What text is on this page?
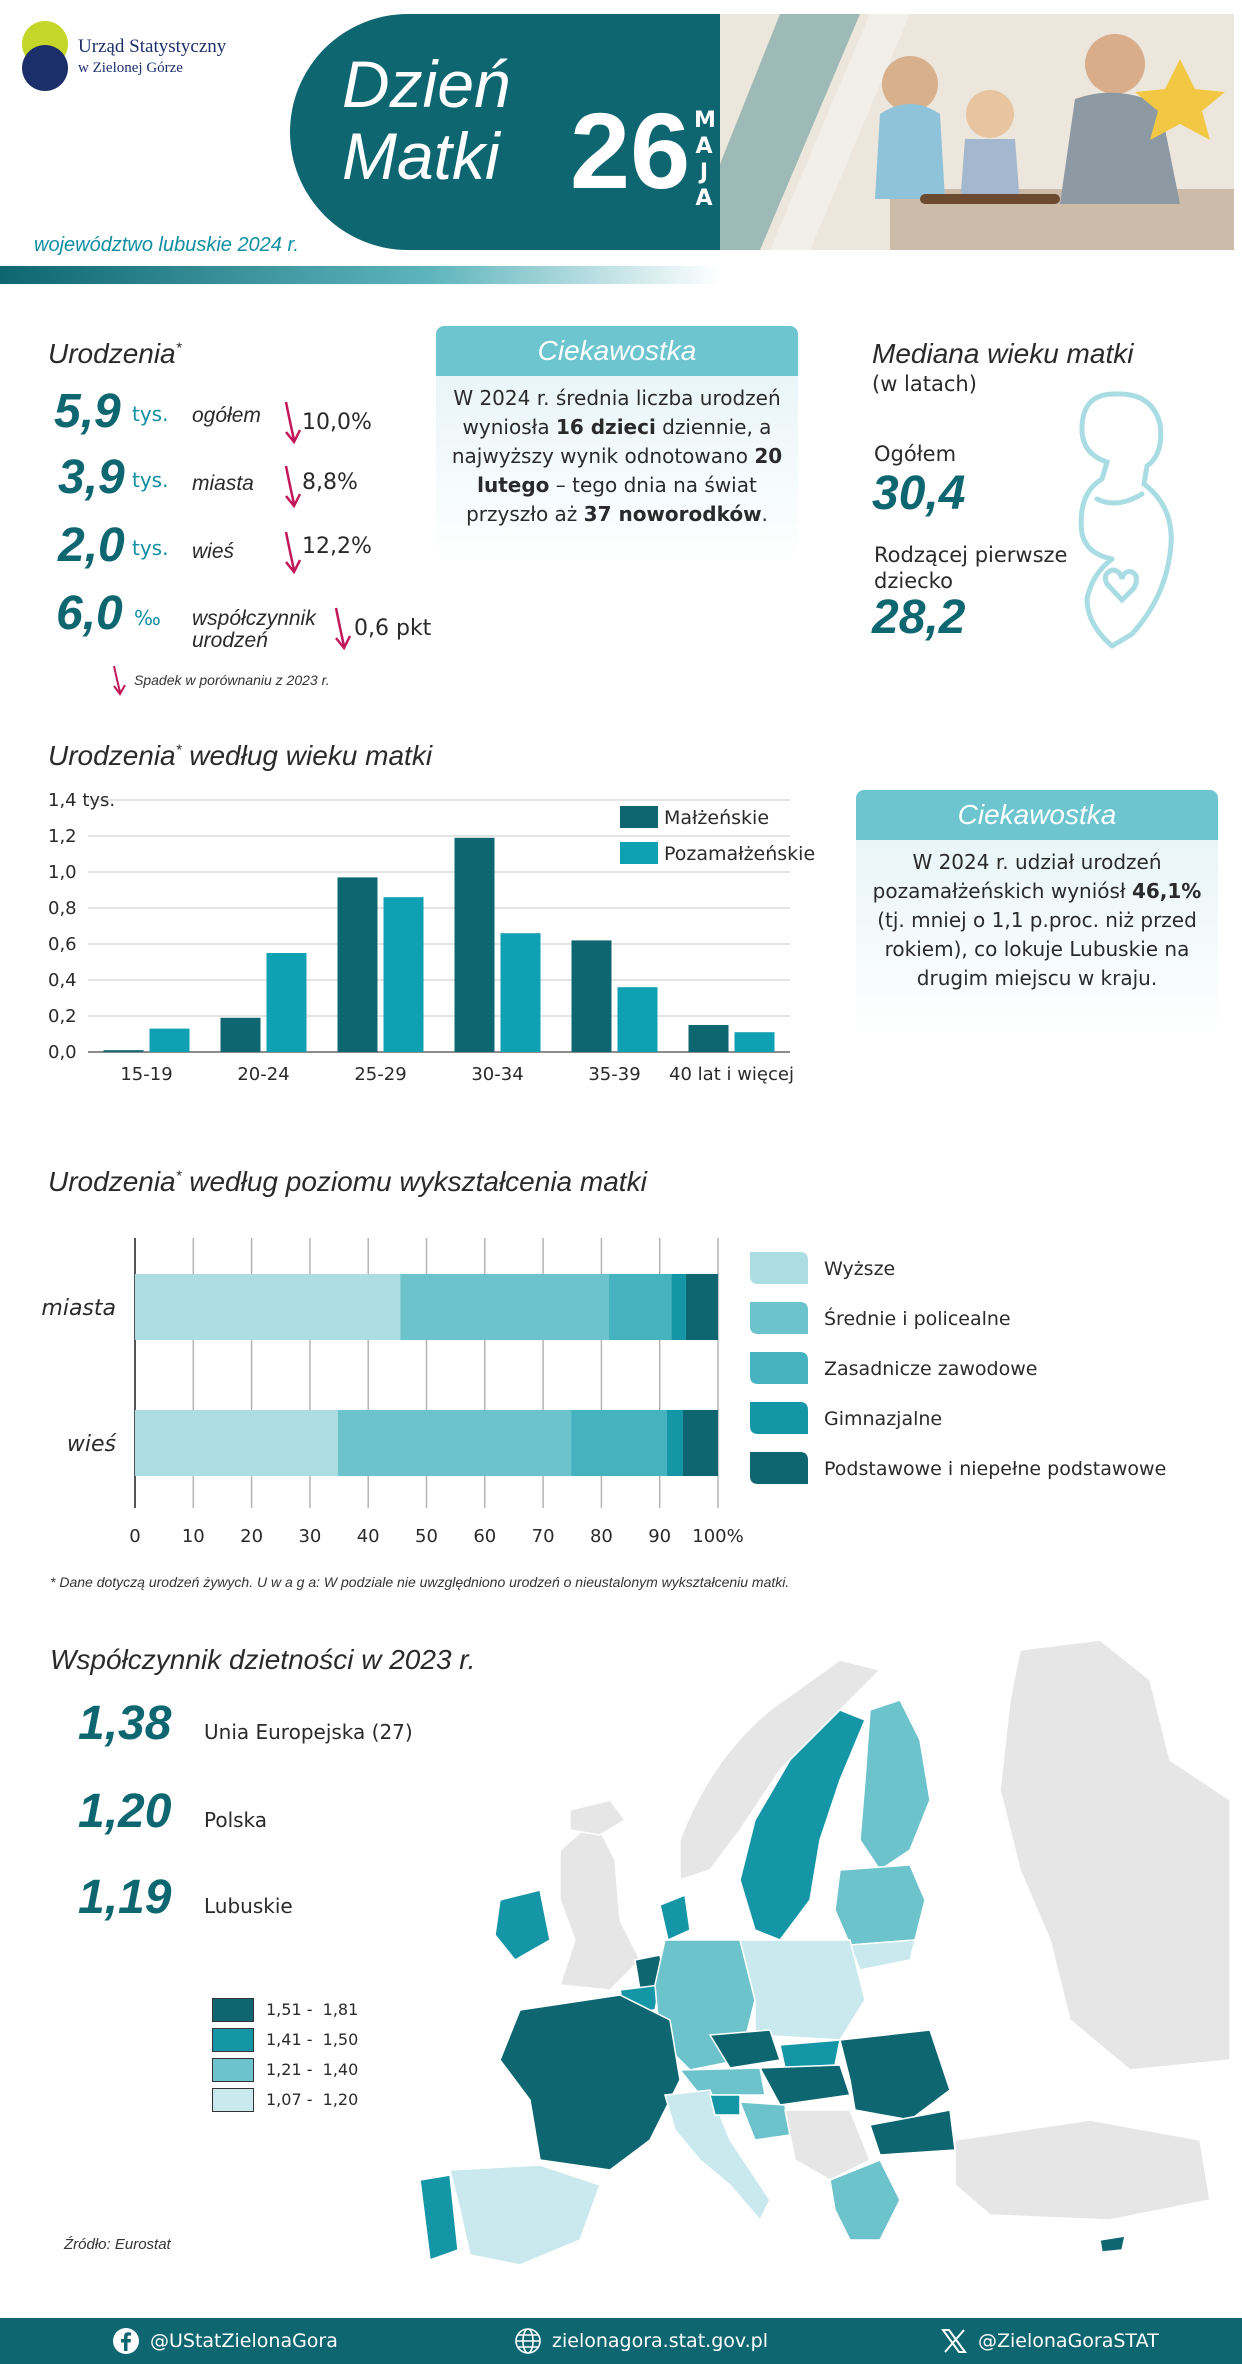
Urząd Statystyczny
w Zielonej Górze Dzień
Matki 26 M
A
J
A
województwo lubuskie 2024 r.
Urodzenia*
5,9 tys. ogółem 10,0%
3,9 tys. miasta 8,8%
2,0 tys. wieś	12,2%
6,0 ‰ współczynnik urodzeń	0,6 pkt
Spadek w porównaniu z 2023 r.
Ciekawostka
W 2024 r. średnia liczba urodzeń wyniosła 16 dzieci dziennie, a najwyższy wynik odnotowano 20 lutego – tego dnia na świat przyszło aż 37 noworodków.
Mediana wieku matki
(w latach)
Ogółem
30,4
Rodzącej pierwsze dziecko
28,2
Urodzenia* według wieku matki
0,0
0,2
0,4
0,6
0,8
1,0
1,2
1,4 tys.
15-19	20-24	25-29	30-34	35-39 40 lat i więcej
Małżeńskie
Pozamałżeńskie
Ciekawostka
W 2024 r. udział urodzeń pozamałżeńskich wyniósł 46,1% (tj. mniej o 1,1 p.proc. niż przed rokiem), co lokuje Lubuskie na drugim miejscu w kraju.
Urodzenia* według poziomu wykształcenia matki
0 10 20 30 40 50 60 70 80 90 100%
miasta
wieś
Wyższe
Średnie i policealne
Zasadnicze zawodowe
Gimnazjalne
Podstawowe i niepełne podstawowe
* Dane dotyczą urodzeń żywych. U w a g a: W podziale nie uwzględniono urodzeń o nieustalonym wykształceniu matki.
Współczynnik dzietności w 2023 r.
1,38 Unia Europejska (27)
1,20 Polska
1,19 Lubuskie
1,51 -  1,81
1,41 -  1,50
1,21 -  1,40
1,07 -  1,20
Źródło: Eurostat
@UStatZielonaGora	zielonagora.stat.gov.pl	@ZielonaGoraSTAT
